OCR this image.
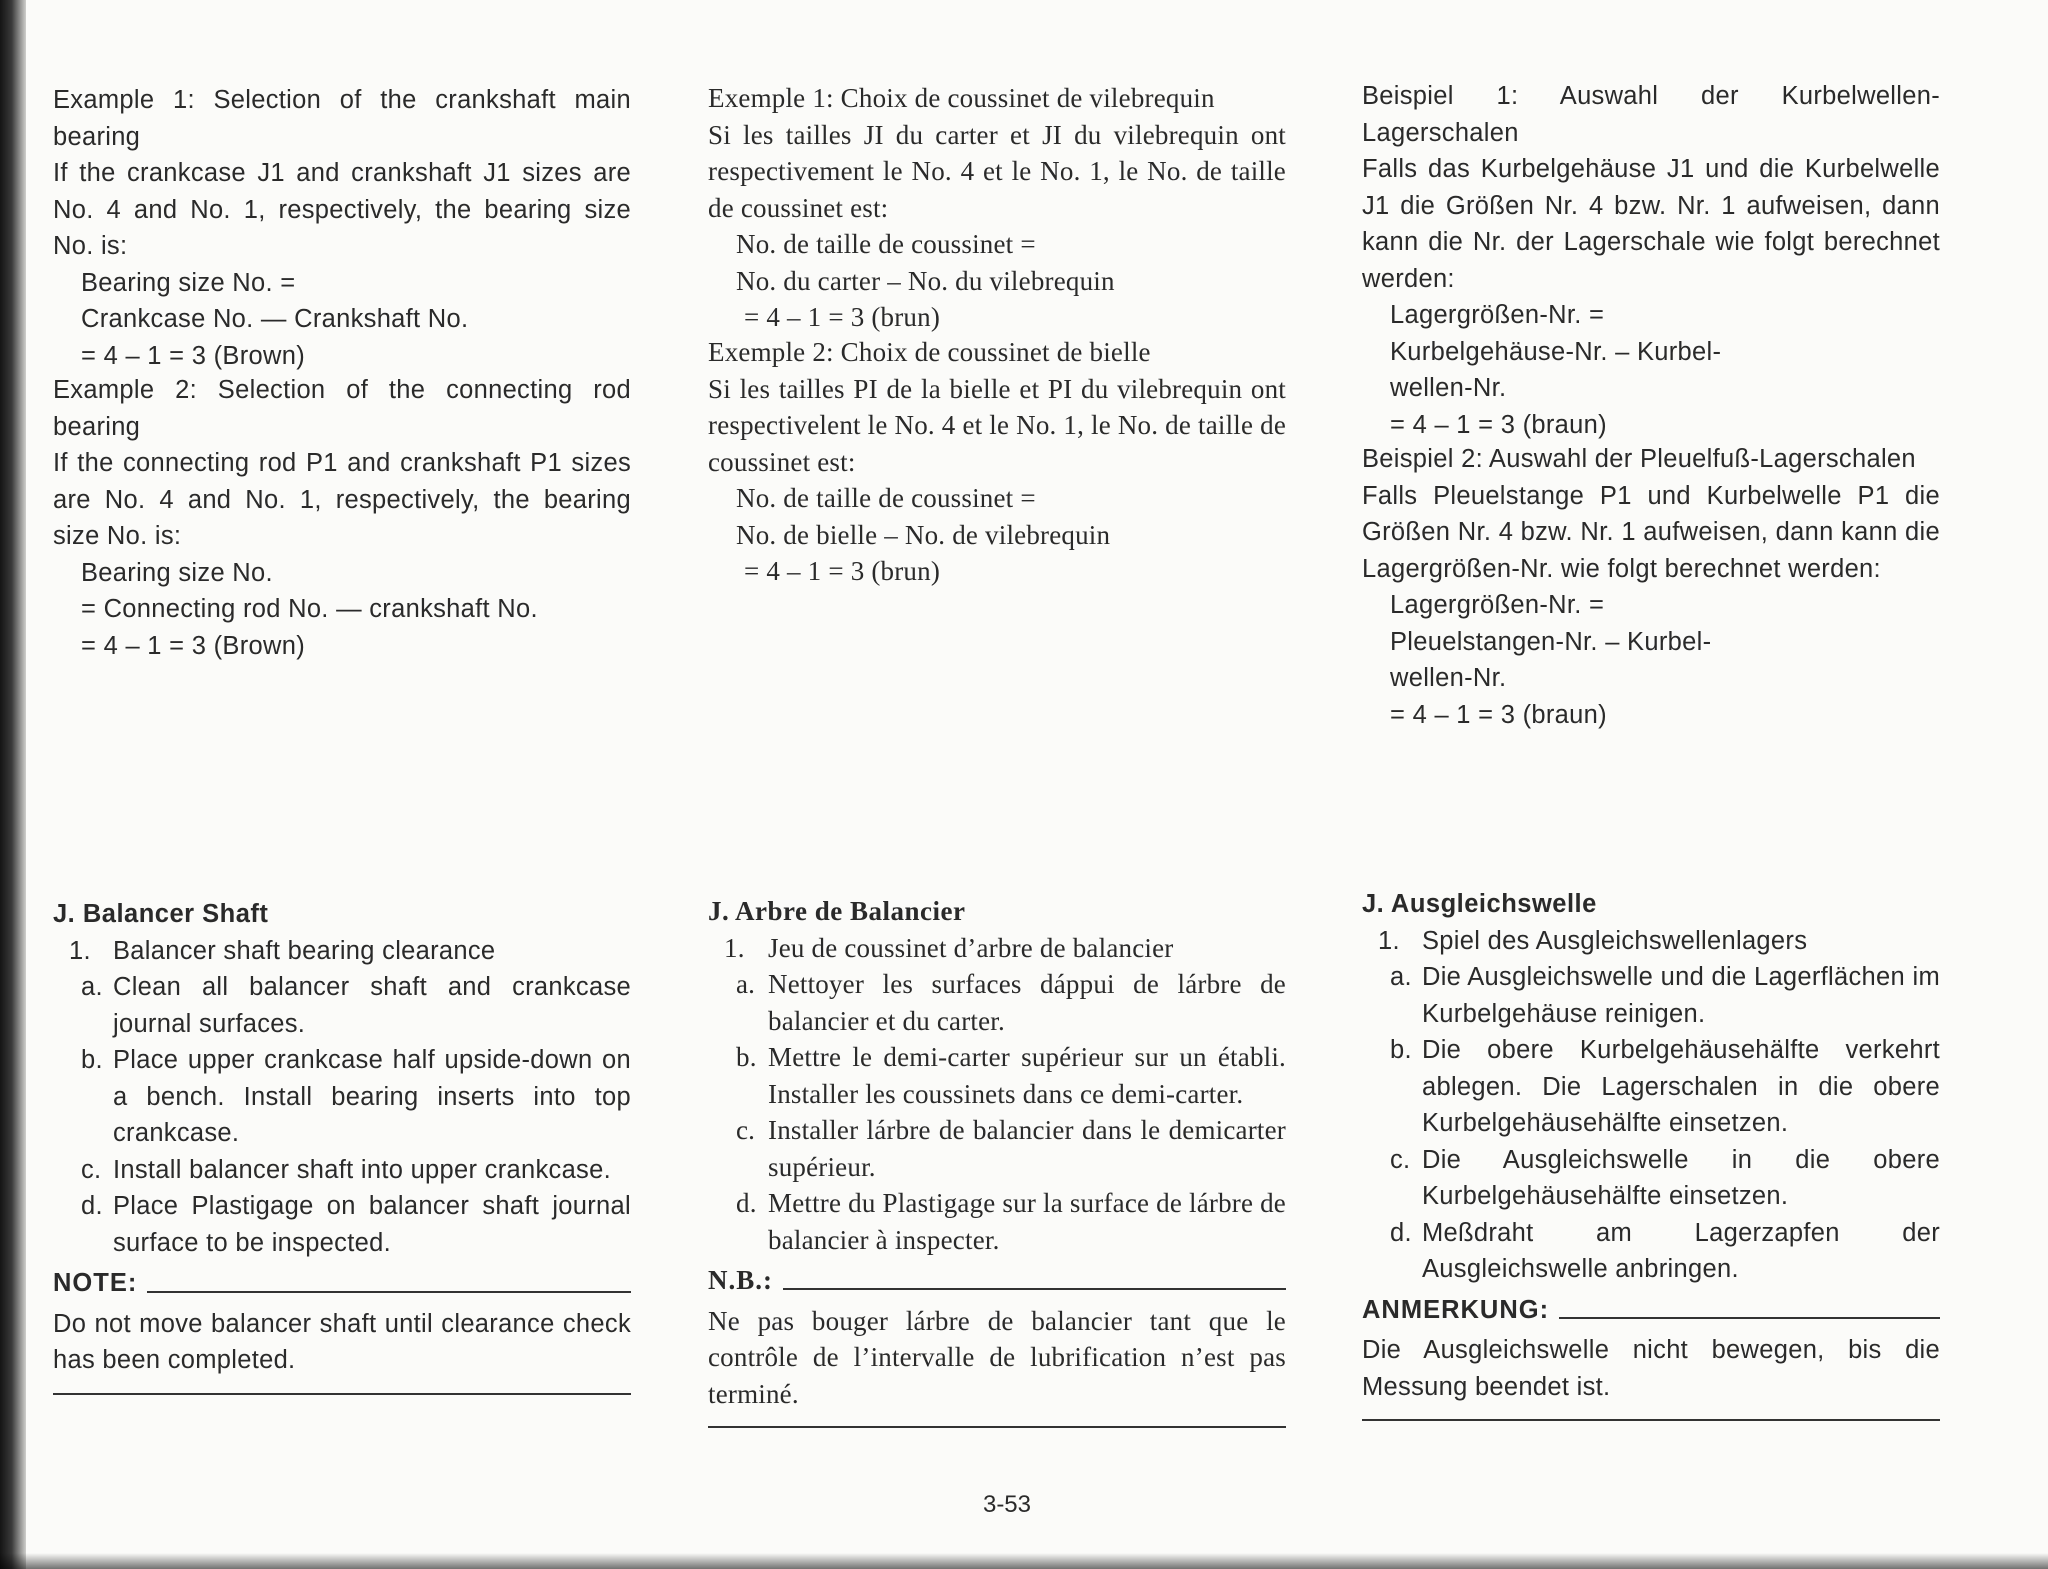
Example 1: Selection of the crankshaft main bearing

If the crankcase J1 and crankshaft J1 sizes are No. 4 and No. 1, respectively, the bearing size No. is:

Bearing size No. =

Crankcase No. — Crankshaft No.

= 4 – 1 = 3 (Brown)

Example 2: Selection of the connecting rod bearing

If the connecting rod P1 and crankshaft P1 sizes are No. 4 and No. 1, respectively, the bearing size No. is:

Bearing size No.

= Connecting rod No. — crankshaft No.

= 4 – 1 = 3 (Brown)

J. Balancer Shaft

1. Balancer shaft bearing clearance

a. Clean all balancer shaft and crankcase journal surfaces.

b. Place upper crankcase half upside-down on a bench. Install bearing inserts into top crankcase.

c. Install balancer shaft into upper crankcase.

d. Place Plastigage on balancer shaft journal surface to be inspected.

NOTE:

Do not move balancer shaft until clearance check has been completed.

Exemple 1: Choix de coussinet de vilebrequin

Si les tailles JI du carter et JI du vilebrequin ont respectivement le No. 4 et le No. 1, le No. de taille de coussinet est:

No. de taille de coussinet =

No. du carter – No. du vilebrequin

= 4 – 1 = 3 (brun)

Exemple 2: Choix de coussinet de bielle

Si les tailles PI de la bielle et PI du vilebrequin ont respectivelent le No. 4 et le No. 1, le No. de taille de coussinet est:

No. de taille de coussinet =

No. de bielle – No. de vilebrequin

= 4 – 1 = 3 (brun)

J. Arbre de Balancier

1. Jeu de coussinet d’arbre de balancier

a. Nettoyer les surfaces dáppui de lárbre de balancier et du carter.

b. Mettre le demi-carter supérieur sur un établi. Installer les coussinets dans ce demi-carter.

c. Installer lárbre de balancier dans le demicarter supérieur.

d. Mettre du Plastigage sur la surface de lárbre de balancier à inspecter.

N.B.:

Ne pas bouger lárbre de balancier tant que le contrôle de l’intervalle de lubrification n’est pas terminé.

Beispiel 1: Auswahl der Kurbelwellen-Lagerschalen

Falls das Kurbelgehäuse J1 und die Kurbelwelle J1 die Größen Nr. 4 bzw. Nr. 1 aufweisen, dann kann die Nr. der Lagerschale wie folgt berechnet werden:

Lagergrößen-Nr. =

Kurbelgehäuse-Nr. – Kurbel-

wellen-Nr.

= 4 – 1 = 3 (braun)

Beispiel 2: Auswahl der Pleuelfuß-Lagerschalen

Falls Pleuelstange P1 und Kurbelwelle P1 die Größen Nr. 4 bzw. Nr. 1 aufweisen, dann kann die Lagergrößen-Nr. wie folgt berechnet werden:

Lagergrößen-Nr. =

Pleuelstangen-Nr. – Kurbel-

wellen-Nr.

= 4 – 1 = 3 (braun)

J. Ausgleichswelle

1. Spiel des Ausgleichswellenlagers

a. Die Ausgleichswelle und die Lagerflächen im Kurbelgehäuse reinigen.

b. Die obere Kurbelgehäusehälfte verkehrt ablegen. Die Lagerschalen in die obere Kurbelgehäusehälfte einsetzen.

c. Die Ausgleichswelle in die obere Kurbelgehäusehälfte einsetzen.

d. Meßdraht am Lagerzapfen der Ausgleichswelle anbringen.

ANMERKUNG:

Die Ausgleichswelle nicht bewegen, bis die Messung beendet ist.

3-53
